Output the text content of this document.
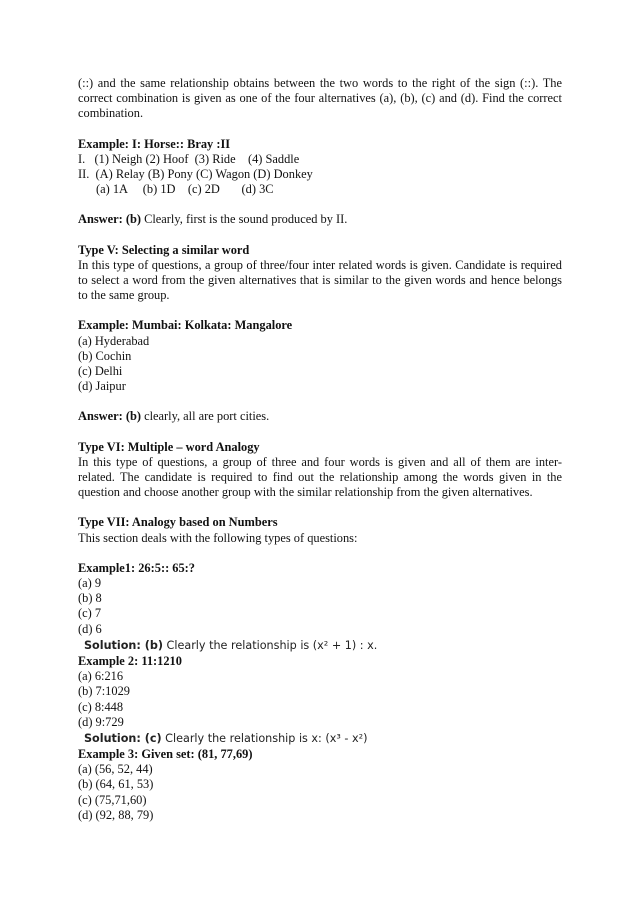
(::) and the same relationship obtains between the two words to the right of the sign (::). The correct combination is given as one of the four alternatives (a), (b), (c) and (d). Find the correct combination.

Example: I: Horse:: Bray :II

I.   (1) Neigh (2) Hoof  (3) Ride    (4) Saddle

II.  (A) Relay (B) Pony (C) Wagon (D) Donkey

(a) 1A     (b) 1D    (c) 2D       (d) 3C

Answer: (b) Clearly, first is the sound produced by II.

Type V: Selecting a similar word

In this type of questions, a group of three/four inter related words is given. Candidate is required to select a word from the given alternatives that is similar to the given words and hence belongs to the same group.

Example: Mumbai: Kolkata: Mangalore

(a) Hyderabad

(b) Cochin

(c) Delhi

(d) Jaipur

Answer: (b) clearly, all are port cities.

Type VI: Multiple – word Analogy

In this type of questions, a group of three and four words is given and all of them are inter-related. The candidate is required to find out the relationship among the words given in the question and choose another group with the similar relationship from the given alternatives.

Type VII: Analogy based on Numbers

This section deals with the following types of questions:

Example1: 26:5:: 65:?

(a) 9

(b) 8

(c) 7

(d) 6

Solution: (b) Clearly the relationship is (x² + 1) : x.

Example 2: 11:1210

(a) 6:216

(b) 7:1029

(c) 8:448

(d) 9:729

Solution: (c) Clearly the relationship is x: (x³ - x²)

Example 3: Given set: (81, 77,69)

(a) (56, 52, 44)

(b) (64, 61, 53)

(c) (75,71,60)

(d) (92, 88, 79)
